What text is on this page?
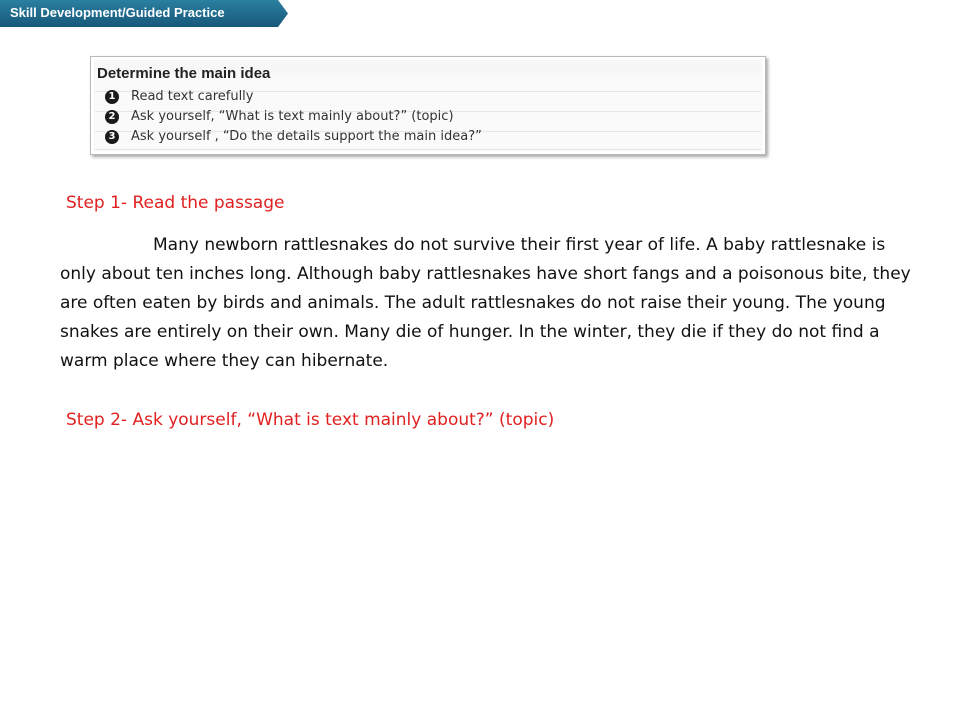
Skill Development/Guided Practice
Determine the main idea
1 Read text carefully
2 Ask yourself, “What is text mainly about?” (topic)
3 Ask yourself , “Do the details support the main idea?”
Step 1- Read the passage

Many newborn rattlesnakes do not survive their first year of life. A baby rattlesnake is only about ten inches long. Although baby rattlesnakes have short fangs and a poisonous bite, they are often eaten by birds and animals. The adult rattlesnakes do not raise their young. The young snakes are entirely on their own. Many die of hunger. In the winter, they die if they do not find a warm place where they can hibernate.

Step 2- Ask yourself, “What is text mainly about?” (topic)
